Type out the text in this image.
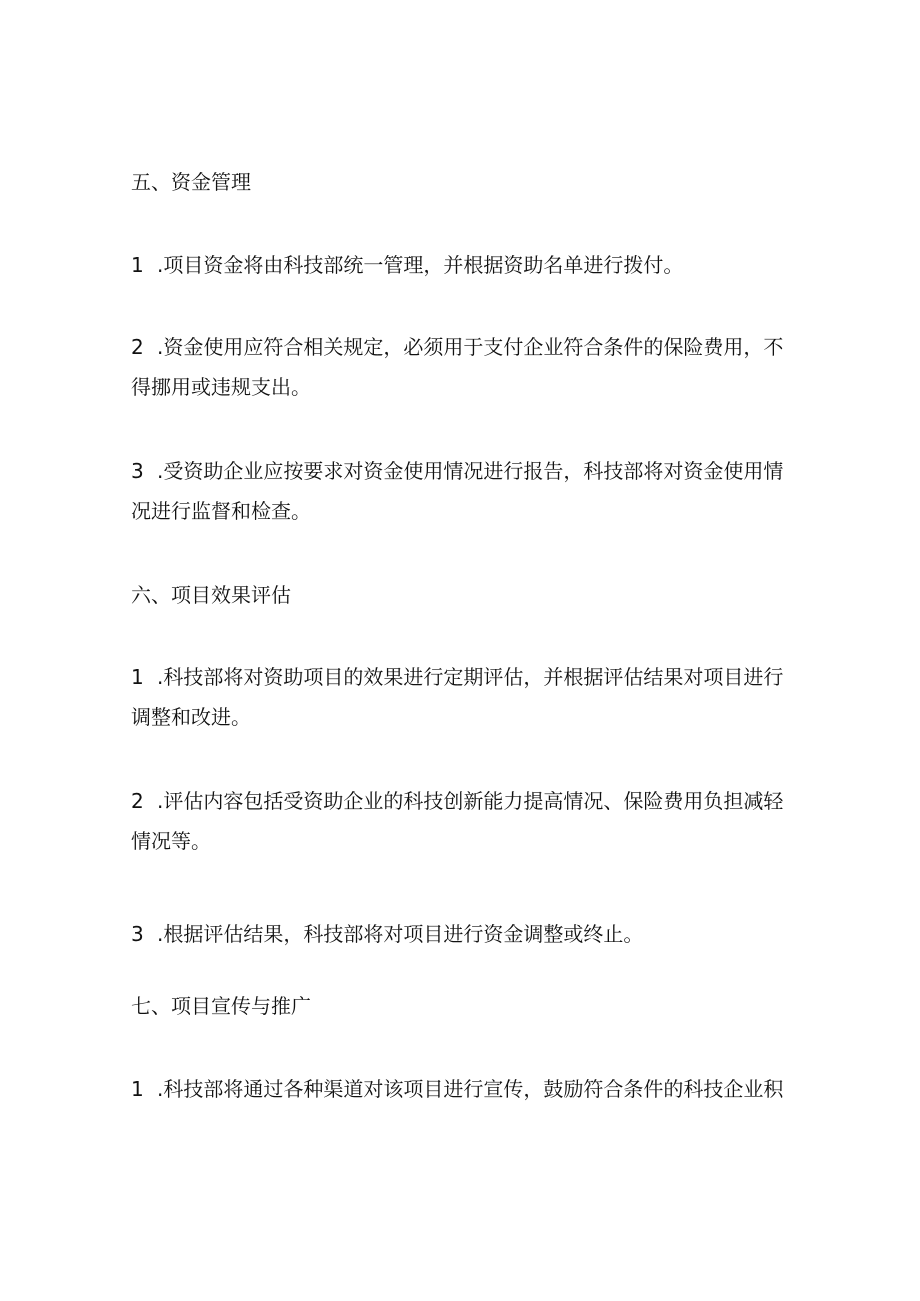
五、资金管理
1 .项目资金将由科技部统一管理，并根据资助名单进行拨付。
2 .资金使用应符合相关规定，必须用于支付企业符合条件的保险费用，不得挪用或违规支出。
3 .受资助企业应按要求对资金使用情况进行报告，科技部将对资金使用情况进行监督和检查。
六、项目效果评估
1 .科技部将对资助项目的效果进行定期评估，并根据评估结果对项目进行调整和改进。
2 .评估内容包括受资助企业的科技创新能力提高情况、保险费用负担减轻情况等。
3 .根据评估结果，科技部将对项目进行资金调整或终止。
七、项目宣传与推广
1 .科技部将通过各种渠道对该项目进行宣传，鼓励符合条件的科技企业积
